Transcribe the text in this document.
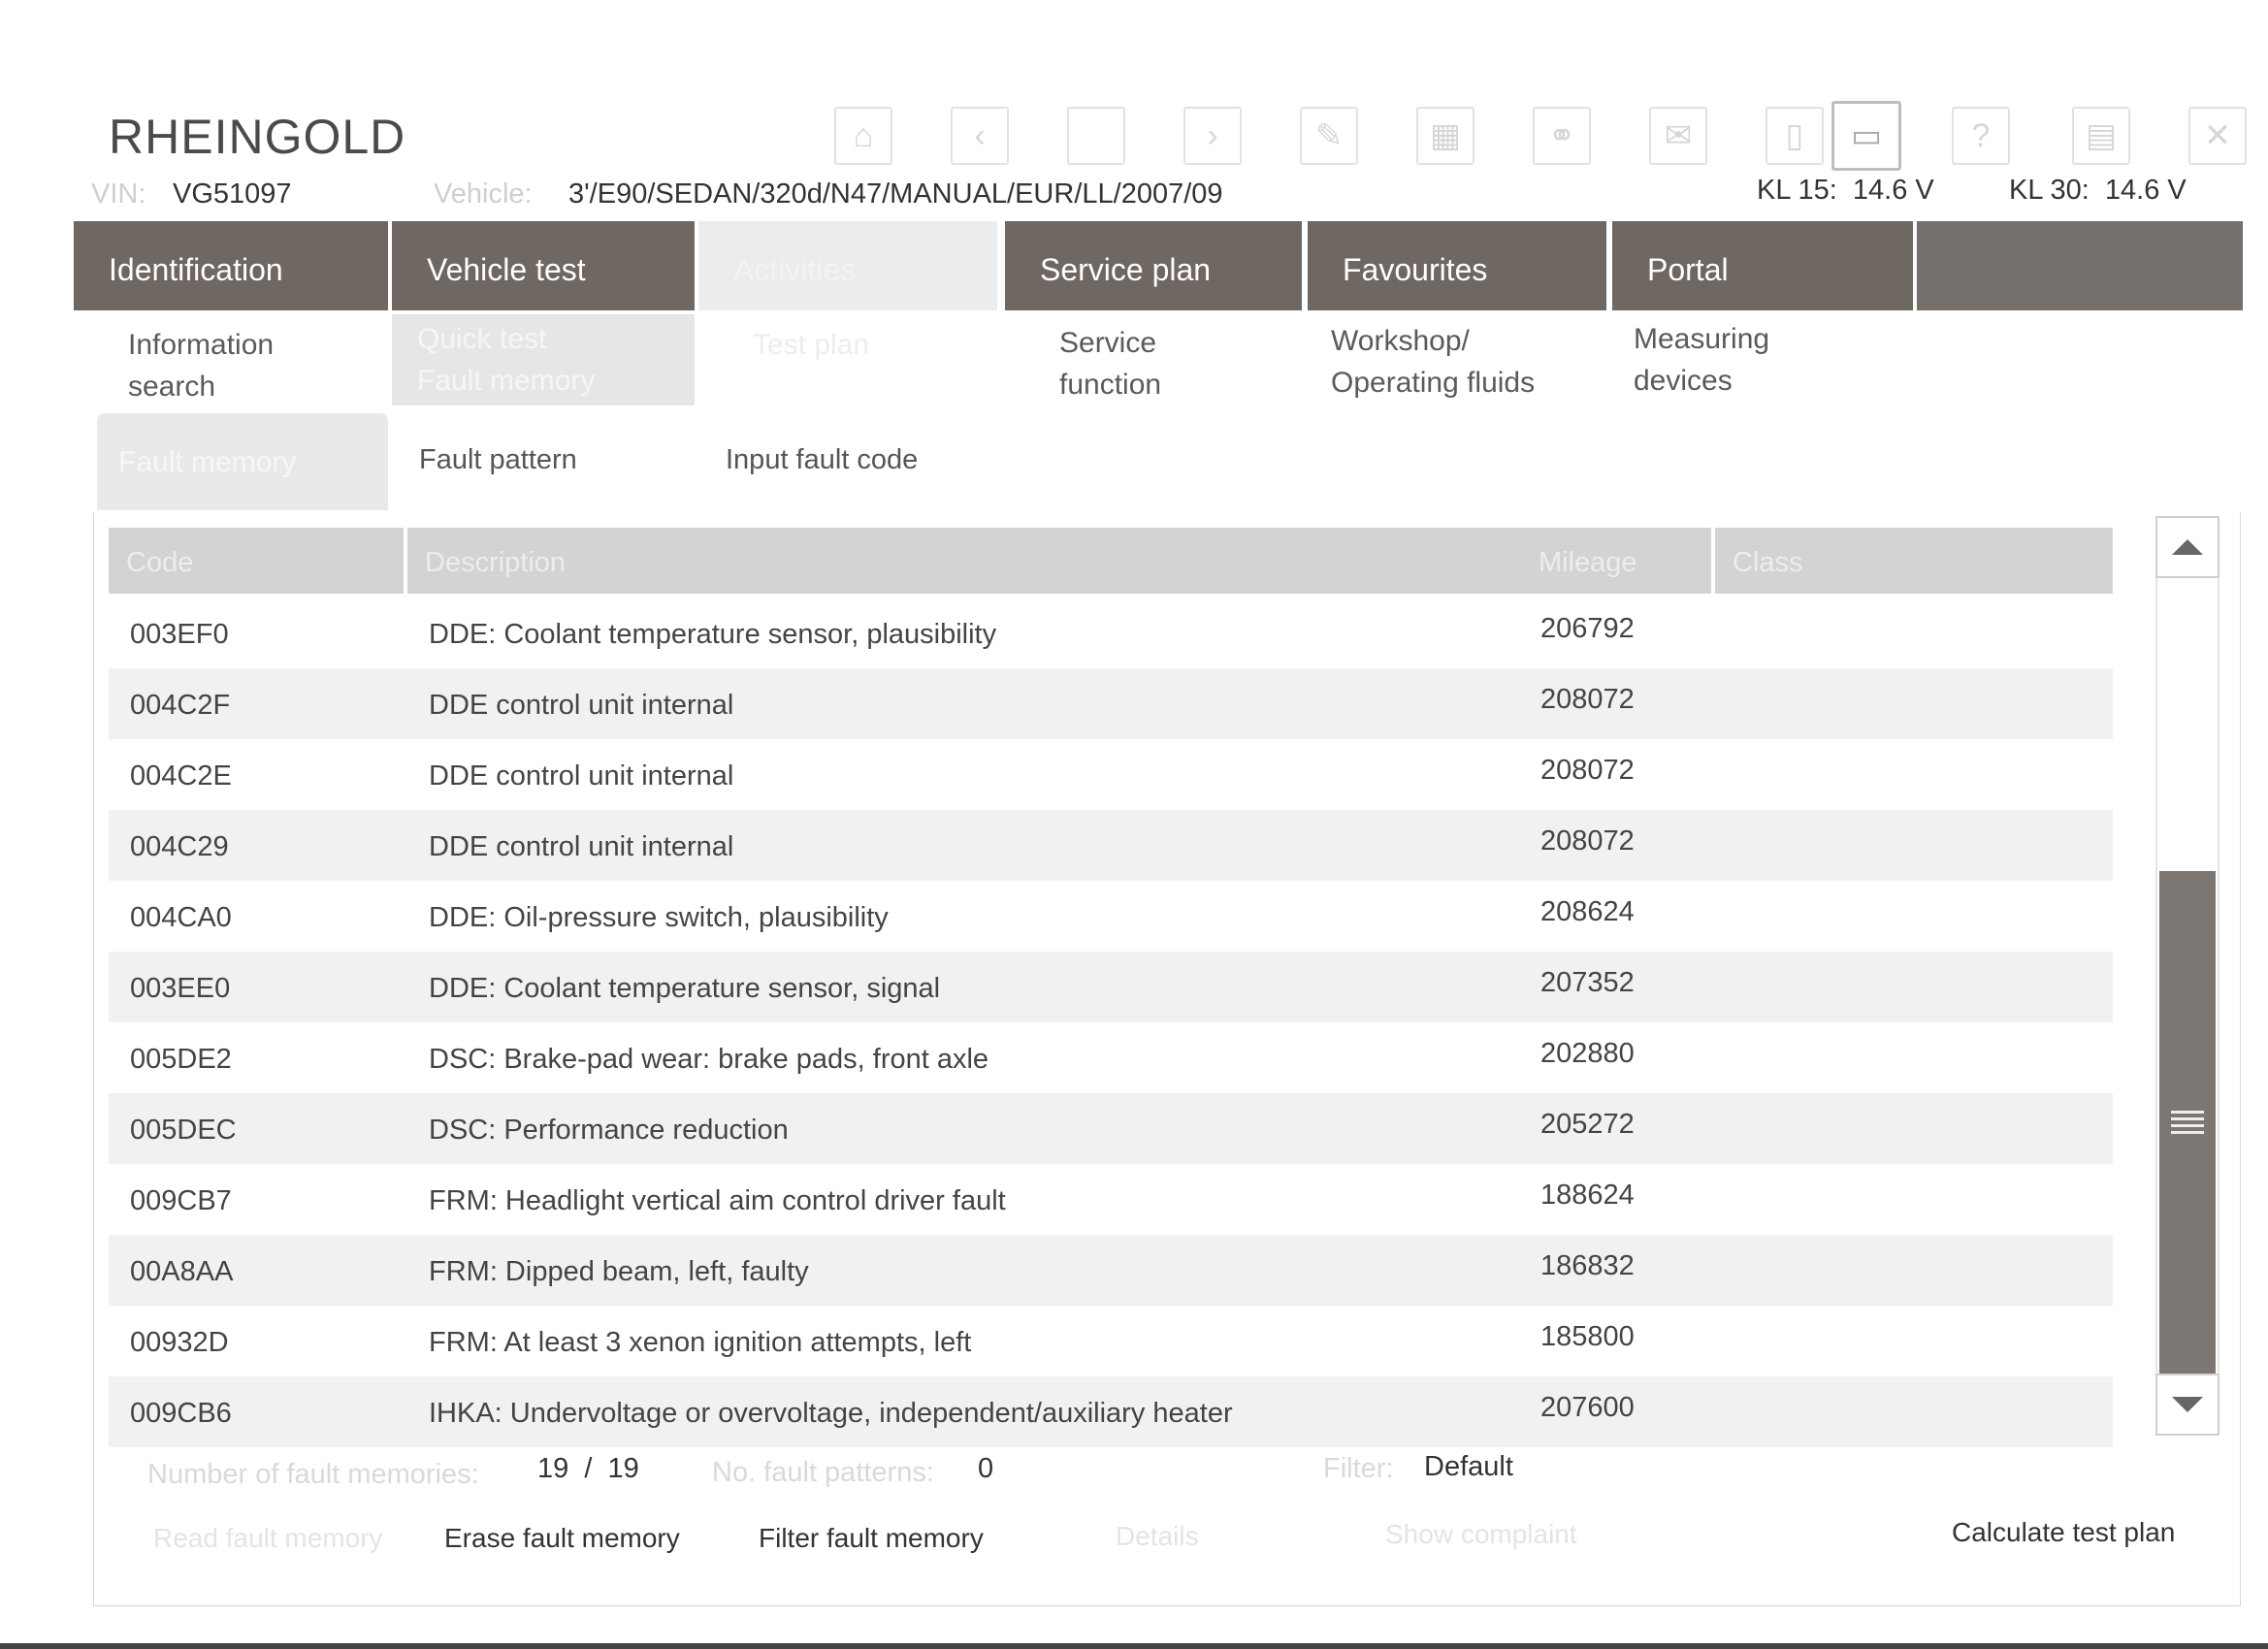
RHEINGOLD
VIN: VG51097	Vehicle: 3'/E90/SEDAN/320d/N47/MANUAL/EUR/LL/2007/09	KL 15: 14.6 V	KL 30: 14.6 V
⌂	‹	›	✎	▦	⚭	✉	▯	▭	?	▤	✕
Identification	Vehicle test	Activities	Service plan	Favourites	Portal
Information
search
Quick test
Fault memory
Test plan	Service
function
Workshop/
Operating fluids
Measuring
devices
Fault memory	Fault pattern	Input fault code
Code	Description	Mileage	Class
003EF0	DDE: Coolant temperature sensor, plausibility	206792
004C2F	DDE control unit internal	208072
004C2E	DDE control unit internal	208072
004C29	DDE control unit internal	208072
004CA0	DDE: Oil-pressure switch, plausibility	208624
003EE0	DDE: Coolant temperature sensor, signal	207352
005DE2	DSC: Brake-pad wear: brake pads, front axle	202880
005DEC	DSC: Performance reduction	205272
009CB7	FRM: Headlight vertical aim control driver fault	188624
00A8AA	FRM: Dipped beam, left, faulty	186832
00932D	FRM: At least 3 xenon ignition attempts, left	185800
009CB6	IHKA: Undervoltage or overvoltage, independent/auxiliary heater	207600
Number of fault memories: 19  /  19	No. fault patterns: 0	Filter: Default
Read fault memory Erase fault memory	Filter fault memory	Details	Show complaint	Calculate test plan
